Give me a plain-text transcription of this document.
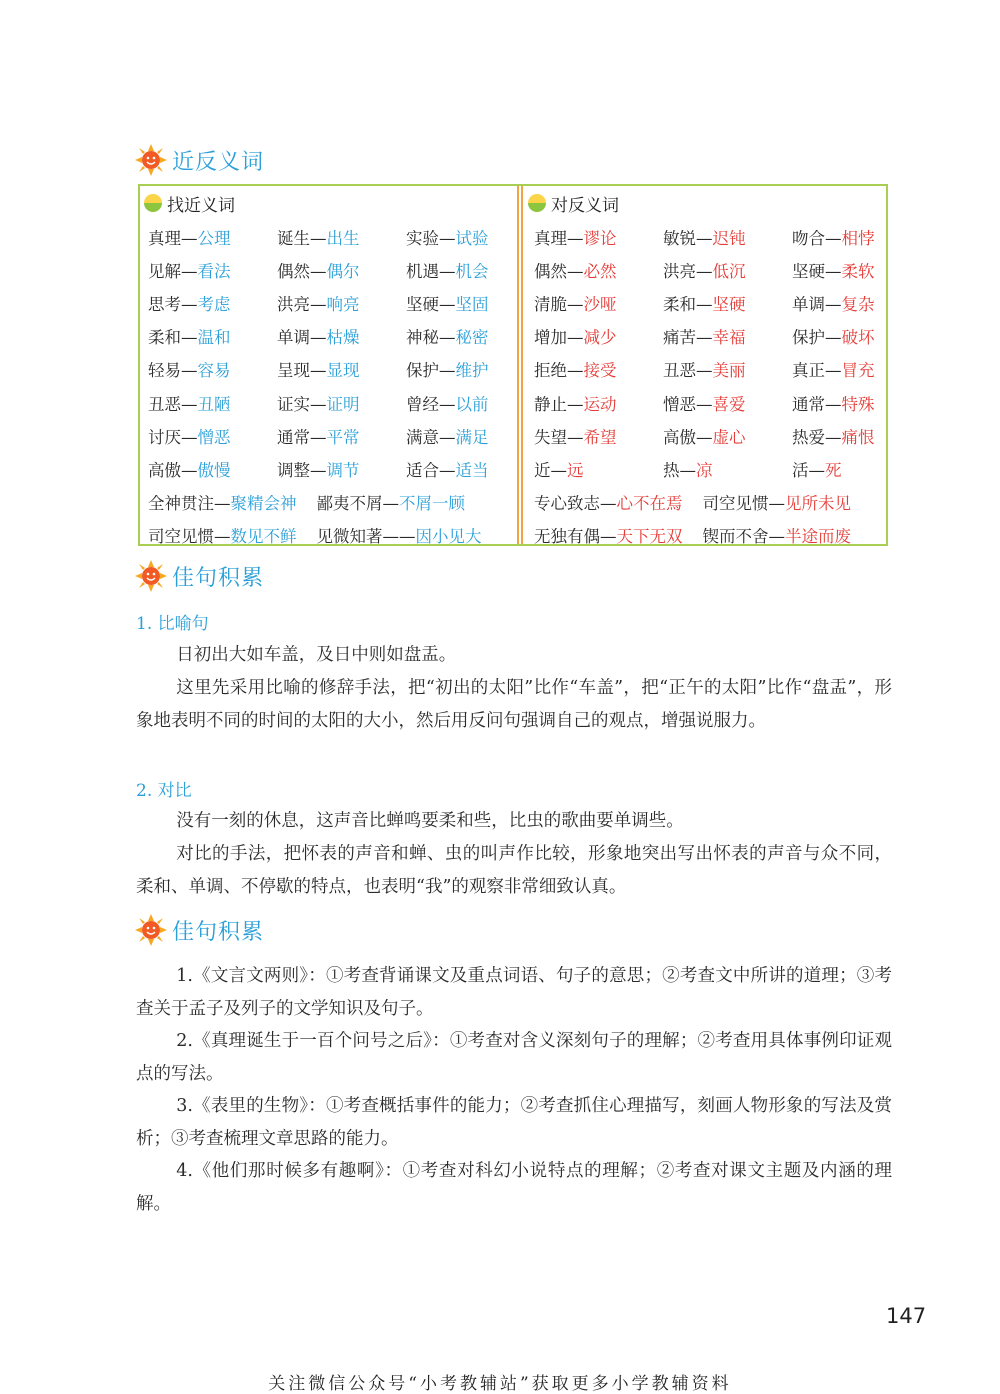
近反义词
找近义词
真理—公理	诞生—出生	实验—试验
见解—看法	偶然—偶尔	机遇—机会
思考—考虑	洪亮—响亮	坚硬—坚固
柔和—温和	单调—枯燥	神秘—秘密
轻易—容易	呈现—显现	保护—维护
丑恶—丑陋	证实—证明	曾经—以前
讨厌—憎恶	通常—平常	满意—满足
高傲—傲慢	调整—调节	适合—适当
全神贯注—聚精会神 鄙夷不屑—不屑一顾
司空见惯—数见不鲜 见微知著——因小见大
对反义词
真理—谬论	敏锐—迟钝	吻合—相悖
偶然—必然	洪亮—低沉	坚硬—柔软
清脆—沙哑	柔和—坚硬	单调—复杂
增加—减少	痛苦—幸福	保护—破坏
拒绝—接受	丑恶—美丽	真正—冒充
静止—运动	憎恶—喜爱	通常—特殊
失望—希望	高傲—虚心	热爱—痛恨
近—远	热—凉	活—死
专心致志—心不在焉 司空见惯—见所未见
无独有偶—天下无双 锲而不舍—半途而废
佳句积累
1. 比喻句

日初出大如车盖，及日中则如盘盂。

这里先采用比喻的修辞手法，把“初出的太阳”比作“车盖”，把“正午的太阳”比作“盘盂”，形象地表明不同的时间的太阳的大小，然后用反问句强调自己的观点，增强说服力。

2. 对比

没有一刻的休息，这声音比蝉鸣要柔和些，比虫的歌曲要单调些。

对比的手法，把怀表的声音和蝉、虫的叫声作比较，形象地突出写出怀表的声音与众不同，柔和、单调、不停歇的特点，也表明“我”的观察非常细致认真。

佳句积累

1.《文言文两则》：①考查背诵课文及重点词语、句子的意思；②考查文中所讲的道理；③考查关于孟子及列子的文学知识及句子。

2.《真理诞生于一百个问号之后》：①考查对含义深刻句子的理解；②考查用具体事例印证观点的写法。

3.《表里的生物》：①考查概括事件的能力；②考查抓住心理描写，刻画人物形象的写法及赏析；③考查梳理文章思路的能力。

4.《他们那时候多有趣啊》：①考查对科幻小说特点的理解；②考查对课文主题及内涵的理解。

147
关注微信公众号“小考教辅站”获取更多小学教辅资料
